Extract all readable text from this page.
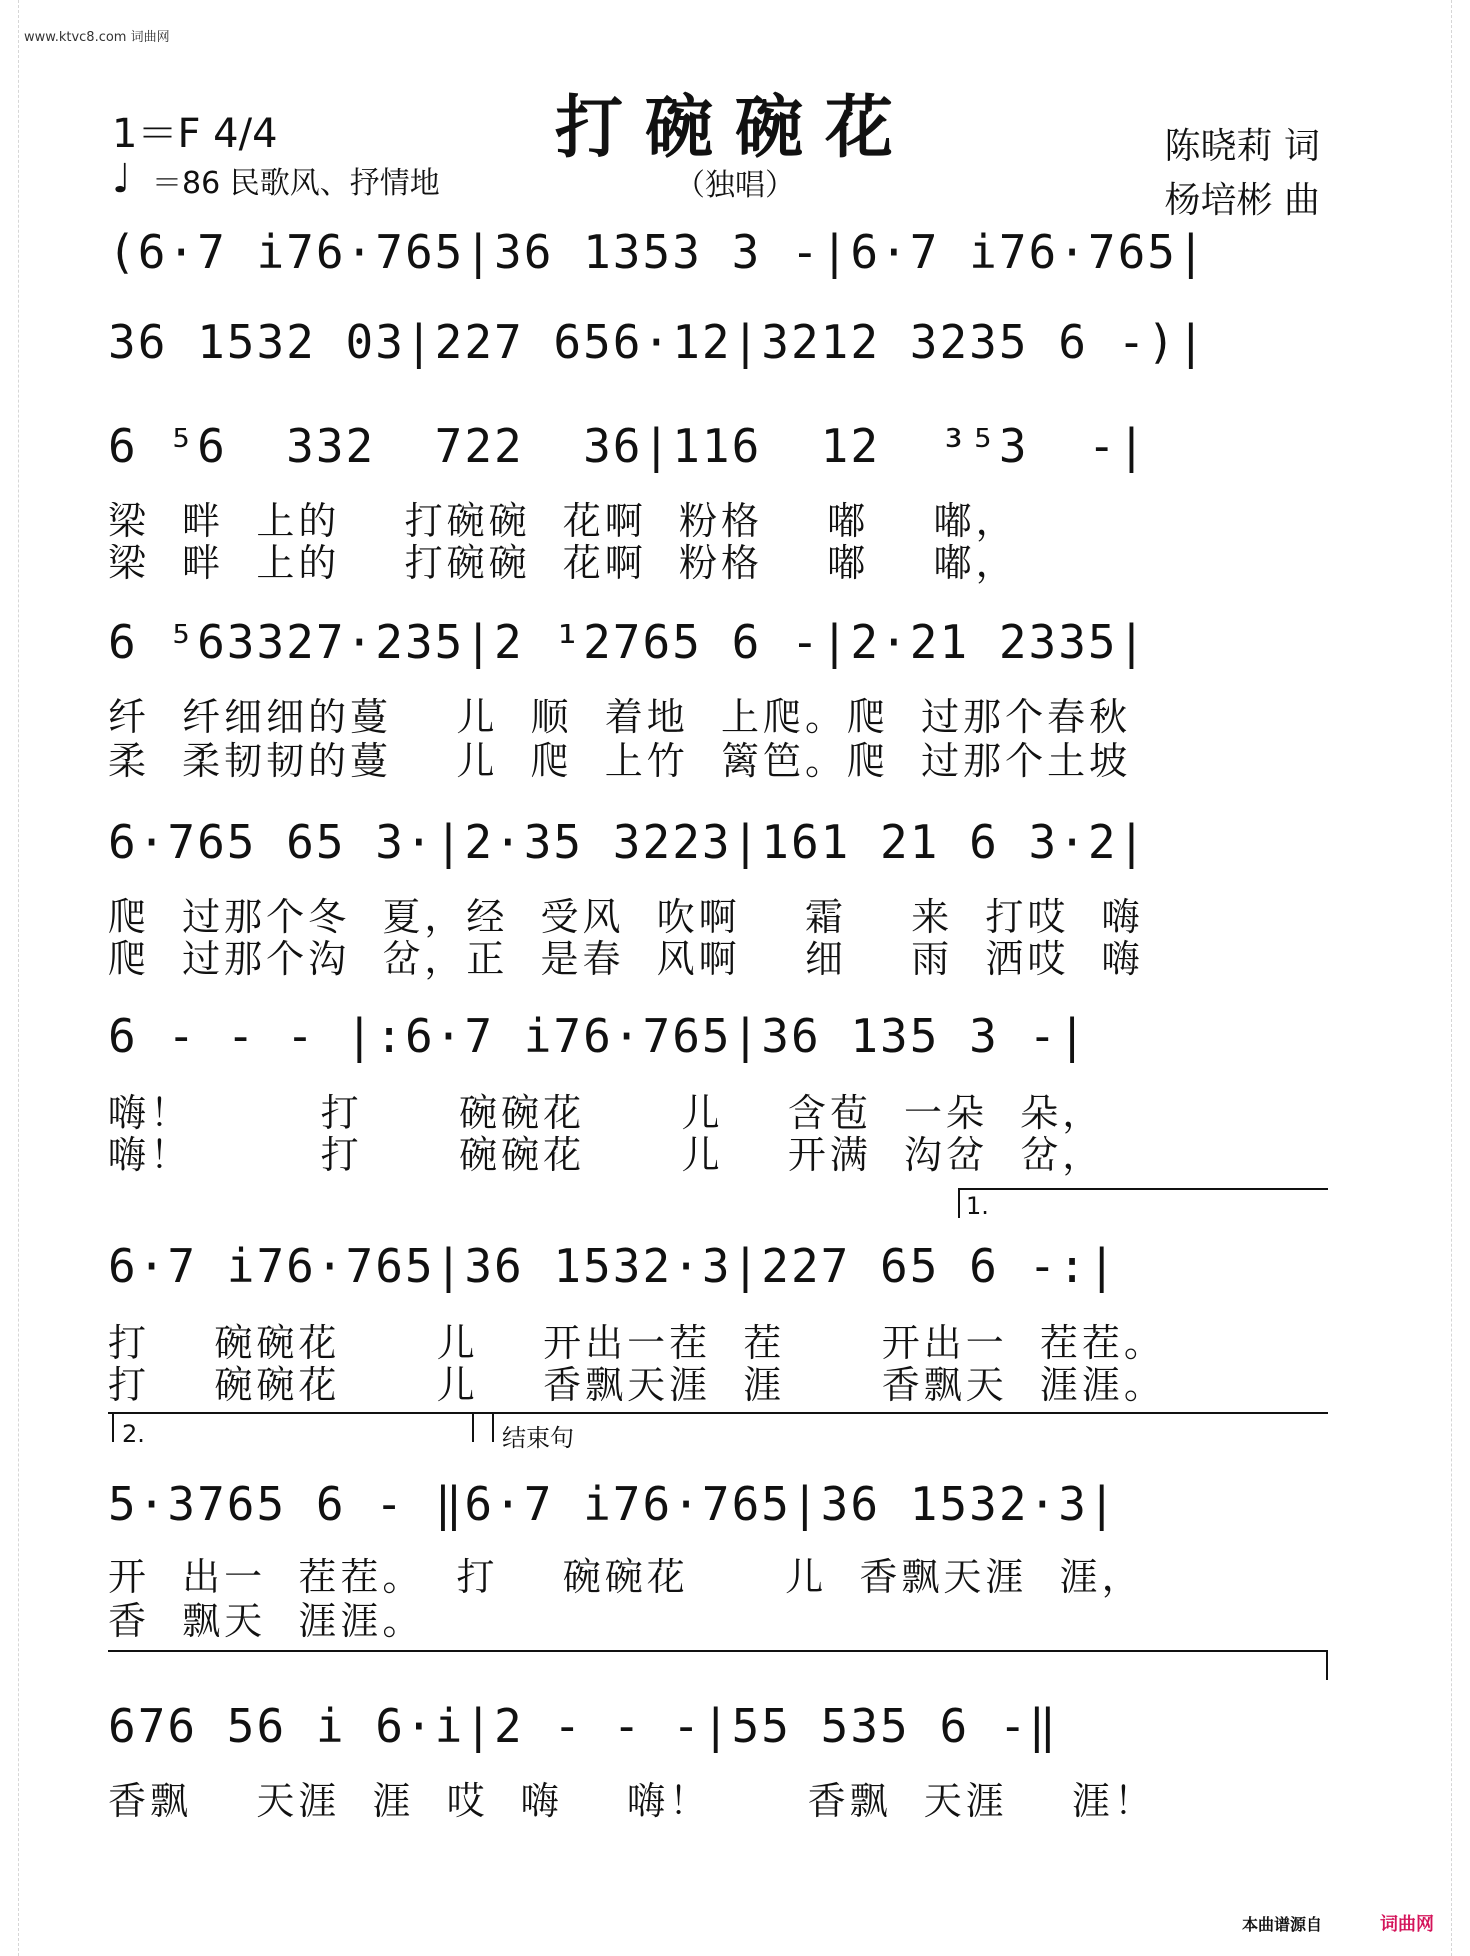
www.ktvc8.com 词曲网
打碗碗花
（独唱）
1＝F 4/4
♩ ＝86 民歌风、抒情地
陈晓莉 词
杨培彬 曲
(6·7 i76·765|36 1353 3 -|6·7 i76·765|
36 1532 03|227 656·12|3212 3235 6 -)|
6 ⁵6  332  722  36|116  12  ³⁵3  -|
梁  畔  上的    打碗碗  花啊  粉格    嘟    嘟，
梁  畔  上的    打碗碗  花啊  粉格    嘟    嘟，
6 ⁵63327·235|2 ¹2765 6 -|2·21 2335|
纤  纤细细的蔓    儿  顺  着地  上爬。爬  过那个春秋
柔  柔韧韧的蔓    儿  爬  上竹  篱笆。爬  过那个土坡
6·765 65 3·|2·35 3223|161 21 6 3·2|
爬  过那个冬  夏，经  受风  吹啊    霜    来  打哎  嗨
爬  过那个沟  岔，正  是春  风啊    细    雨  洒哎  嗨
6 - - - |:6·7 i76·765|36 135 3 -|
嗨！        打      碗碗花      儿    含苞  一朵  朵，
嗨！        打      碗碗花      儿    开满  沟岔  岔，
1.
6·7 i76·765|36 1532·3|227 65 6 -:|
打    碗碗花      儿    开出一茬  茬      开出一  茬茬。
打    碗碗花      儿    香飘天涯  涯      香飘天  涯涯。
2.	结束句
5·3765 6 - ‖6·7 i76·765|36 1532·3|
开  出一  茬茬。  打    碗碗花      儿  香飘天涯  涯，
香  飘天  涯涯。
676 56 i 6·i|2 - - -|55 535 6 -‖
香飘    天涯  涯  哎  嗨    嗨！      香飘  天涯    涯！
本曲谱源自	词曲网
